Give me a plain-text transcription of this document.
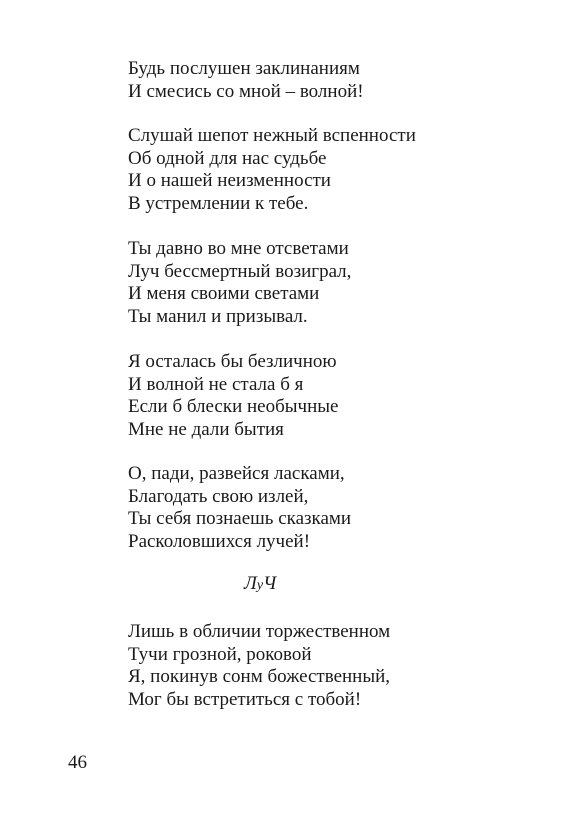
Будь послушен заклинаниям
И смесись со мной – волной!
Слушай шепот нежный вспенности
Об одной для нас судьбе
И о нашей неизменности
В устремлении к тебе.
Ты давно во мне отсветами
Луч бессмертный возиграл,
И меня своими светами
Ты манил и призывал.
Я осталась бы безличною
И волной не стала б я
Если б блески необычные
Мне не дали бытия
О, пади, развейся ласками,
Благодать свою излей,
Ты себя познаешь сказками
Расколовшихся лучей!
ЛуЧ
Лишь в обличии торжественном
Тучи грозной, роковой
Я, покинув сонм божественный,
Мог бы встретиться с тобой!
46
